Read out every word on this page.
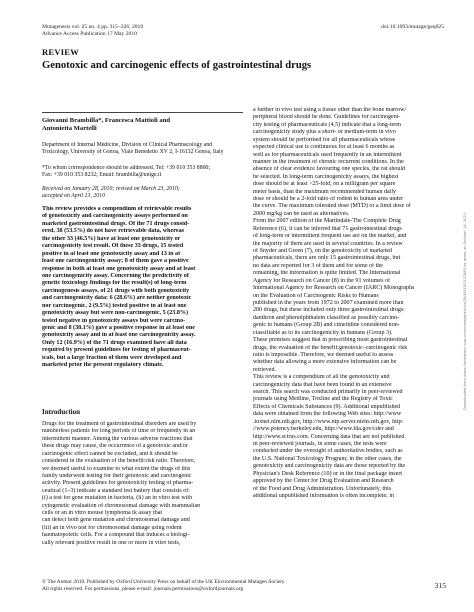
Mutagenesis vol. 25 no. 4 pp. 315–326, 2010
Advance Access Publication 17 May 2010
doi:10.1093/mutage/geq025
REVIEW
Genotoxic and carcinogenic effects of gastrointestinal drugs
Giovanni Brambilla*, Francesca Mattioli and
Antonietta Martelli
Department of Internal Medicine, Division of Clinical Pharmacology and
Toxicology, University of Genoa, Viale Benedetto XV 2, I-16132 Genoa, Italy
*To whom correspondence should be addressed. Tel: +39 010 353 8800;
Fax: +39 010 353 8232; Email: brambilla@unige.it
Received on January 28, 2010; revised on March 23, 2010;
accepted on April 13, 2010
This review provides a compendium of retrievable results
of genotoxicity and carcinogenicity assays performed on
marketed gastrointestinal drugs. Of the 71 drugs consid-
ered, 38 (53.5%) do not have retrievable data, whereas
the other 33 (46.5%) have at least one genotoxicity or
carcinogenicity test result. Of these 33 drugs, 15 tested
positive in at least one genotoxicity assay and 13 in at
least one carcinogenicity assay; 8 of them gave a positive
response in both at least one genotoxicity assay and at least
one carcinogenicity assay. Concerning the predictivity of
genetic toxicology findings for the result(s) of long-term
carcinogenesis assays, of 21 drugs with both genotoxicity
and carcinogenicity data: 6 (28.6%) are neither genotoxic
nor carcinogenic, 2 (9.5%) tested positive in at least one
genotoxicity assay but were non-carcinogenic, 5 (23.8%)
tested negative in genotoxicity assays but were carcino-
genic and 8 (38.1%) gave a positive response in at least one
genotoxicity assay and in at least one carcinogenicity assay.
Only 12 (16.9%) of the 71 drugs examined have all data
required by present guidelines for testing of pharmaceut-
icals, but a large fraction of them were developed and
marketed prior the present regulatory climate.
Introduction
Drugs for the treatment of gastrointestinal disorders are used by
numberless patients for long periods of time or frequently in an
intermittent manner. Among the various adverse reactions that
these drugs may cause, the occurrence of a genotoxic and/or
carcinogenic effect cannot be excluded, and it should be
considered in the evaluation of the benefit:risk ratio. Therefore,
we deemed useful to examine to what extent the drugs of this
family underwent testing for their genotoxic and carcinogenic
activity. Present guidelines for genotoxicity testing of pharma-
ceutical (1–3) indicate a standard test battery that consists of:
(i) a test for gene mutation in bacteria, (ii) an in vitro test with
cytogenetic evaluation of chromosomal damage with mammalian
cells or an in vitro mouse lymphoma tk assay that
can detect both gene mutation and chromosomal damage and
(iii) an in vivo test for chromosomal damage using rodent
haematopoietic cells. For a compound that induces a biologi-
cally relevant positive result in one or more in vitro tests,
a further in vivo test using a tissue other than the bone marrow/
peripheral blood should be done. Guidelines for carcinogeni-
city testing of pharmaceuticals (4,5) indicate that a long-term
carcinogenicity study plus a short- or medium-term in vivo
system should be performed for all pharmaceuticals whose
expected clinical use is continuous for at least 6 months as
well as for pharmaceuticals used frequently in an intermittent
manner in the treatment of chronic recurrent conditions. In the
absence of clear evidence favouring one species, the rat should
be selected. In long-term carcinogenicity assays, the highest
dose should be at least >25-fold, on a milligram per square
meter basis, than the maximum recommended human daily
dose or should be a 2-fold ratio of rodent to human area under
the curve. The maximum tolerated dose (MTD) or a limit dose of
2000 mg/kg can be used as alternatives.
From the 2007 edition of the Martindale-The Complete Drug
Reference (6), it can be inferred that 71 gastrointestinal drugs
of long-term or intermittent frequent use are on the market, and
the majority of them are used in several countries. In a review
of Snyder and Green (7), on the genotoxicity of marketed
pharmaceuticals, there are only 15 gastrointestinal drugs, but
no data are reported for 3 of them and for some of the
remaining, the information is quite limited. The International
Agency for Research on Cancer (8) in the 91 volumes of
International Agency for Research on Cancer (IARC) Monographs
on the Evaluation of Carcinogenic Risks to Humans
published in the years from 1972 to 2007 examined more than
200 drugs, but these included only three gastrointestinal drugs:
danthron and phenolphthalein classified as possibly carcino-
genic to humans (Group 2B) and cimetidine considered non-
classifiable as to its carcinogenicity in humans (Group 3).
These premises suggest that in prescribing most gastrointestinal
drugs, the evaluation of the benefit:genotoxic–carcinogenic risk
ratio is impossible. Therefore, we deemed useful to assess
whether data allowing a more extensive information can be
retrieved.
This review is a compendium of all the genotoxicity and
carcinogenicity data that have been found in an extensive
search. This search was conducted primarily in peer-reviewed
journals using Medline, Toxline and the Registry of Toxic
Effects of Chemicals Substances (9). Additional unpublished
data were obtained from the following Web sites: http://www
.toxnet.nlm.nih.gov, http://www.ntp.server.niehs.nih.gov, http:
//www.potency.berkeley.edu, http://www.fda.gov/cder and
http://www.scirus.com. Concerning data that are not published
in peer-reviewed journals, in some cases, the tests were
conducted under the oversight of authoritative bodies, such as
the U.S. National Toxicology Program; in the other cases, the
genotoxicity and carcinogenicity data are those reported by the
Physician's Desk Reference (10) or in the final package insert
approved by the Center for Drug Evaluation and Research
of the Food and Drug Administration. Unfortunately, this
additional unpublished information is often incomplete; in
© The Author 2010. Published by Oxford University Press on behalf of the UK Environmental Mutagen Society.
All rights reserved. For permissions, please e-mail: journals.permissions@oxfordjournals.org	315
Downloaded from https://academic.oup.com/mutage/article/25/4/315/1127463 by guest on October 14, 2021
